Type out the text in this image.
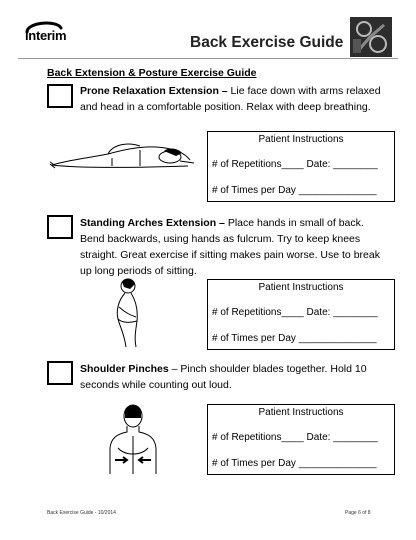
interim	Back Exercise Guide
Back Extension & Posture Exercise Guide
Prone Relaxation Extension – Lie face down with arms relaxed and head in a comfortable position. Relax with deep breathing.
Patient Instructions
# of Repetitions____ Date: ________
# of Times per Day ______________
Standing Arches Extension – Place hands in small of back. Bend backwards, using hands as fulcrum. Try to keep knees straight. Great exercise if sitting makes pain worse. Use to break up long periods of sitting.
Patient Instructions
# of Repetitions____ Date: ________
# of Times per Day ______________
Shoulder Pinches – Pinch shoulder blades together. Hold 10 seconds while counting out loud.
Patient Instructions
# of Repetitions____ Date: ________
# of Times per Day ______________
Back Exercise Guide - 10/2014	Page 6 of 8
